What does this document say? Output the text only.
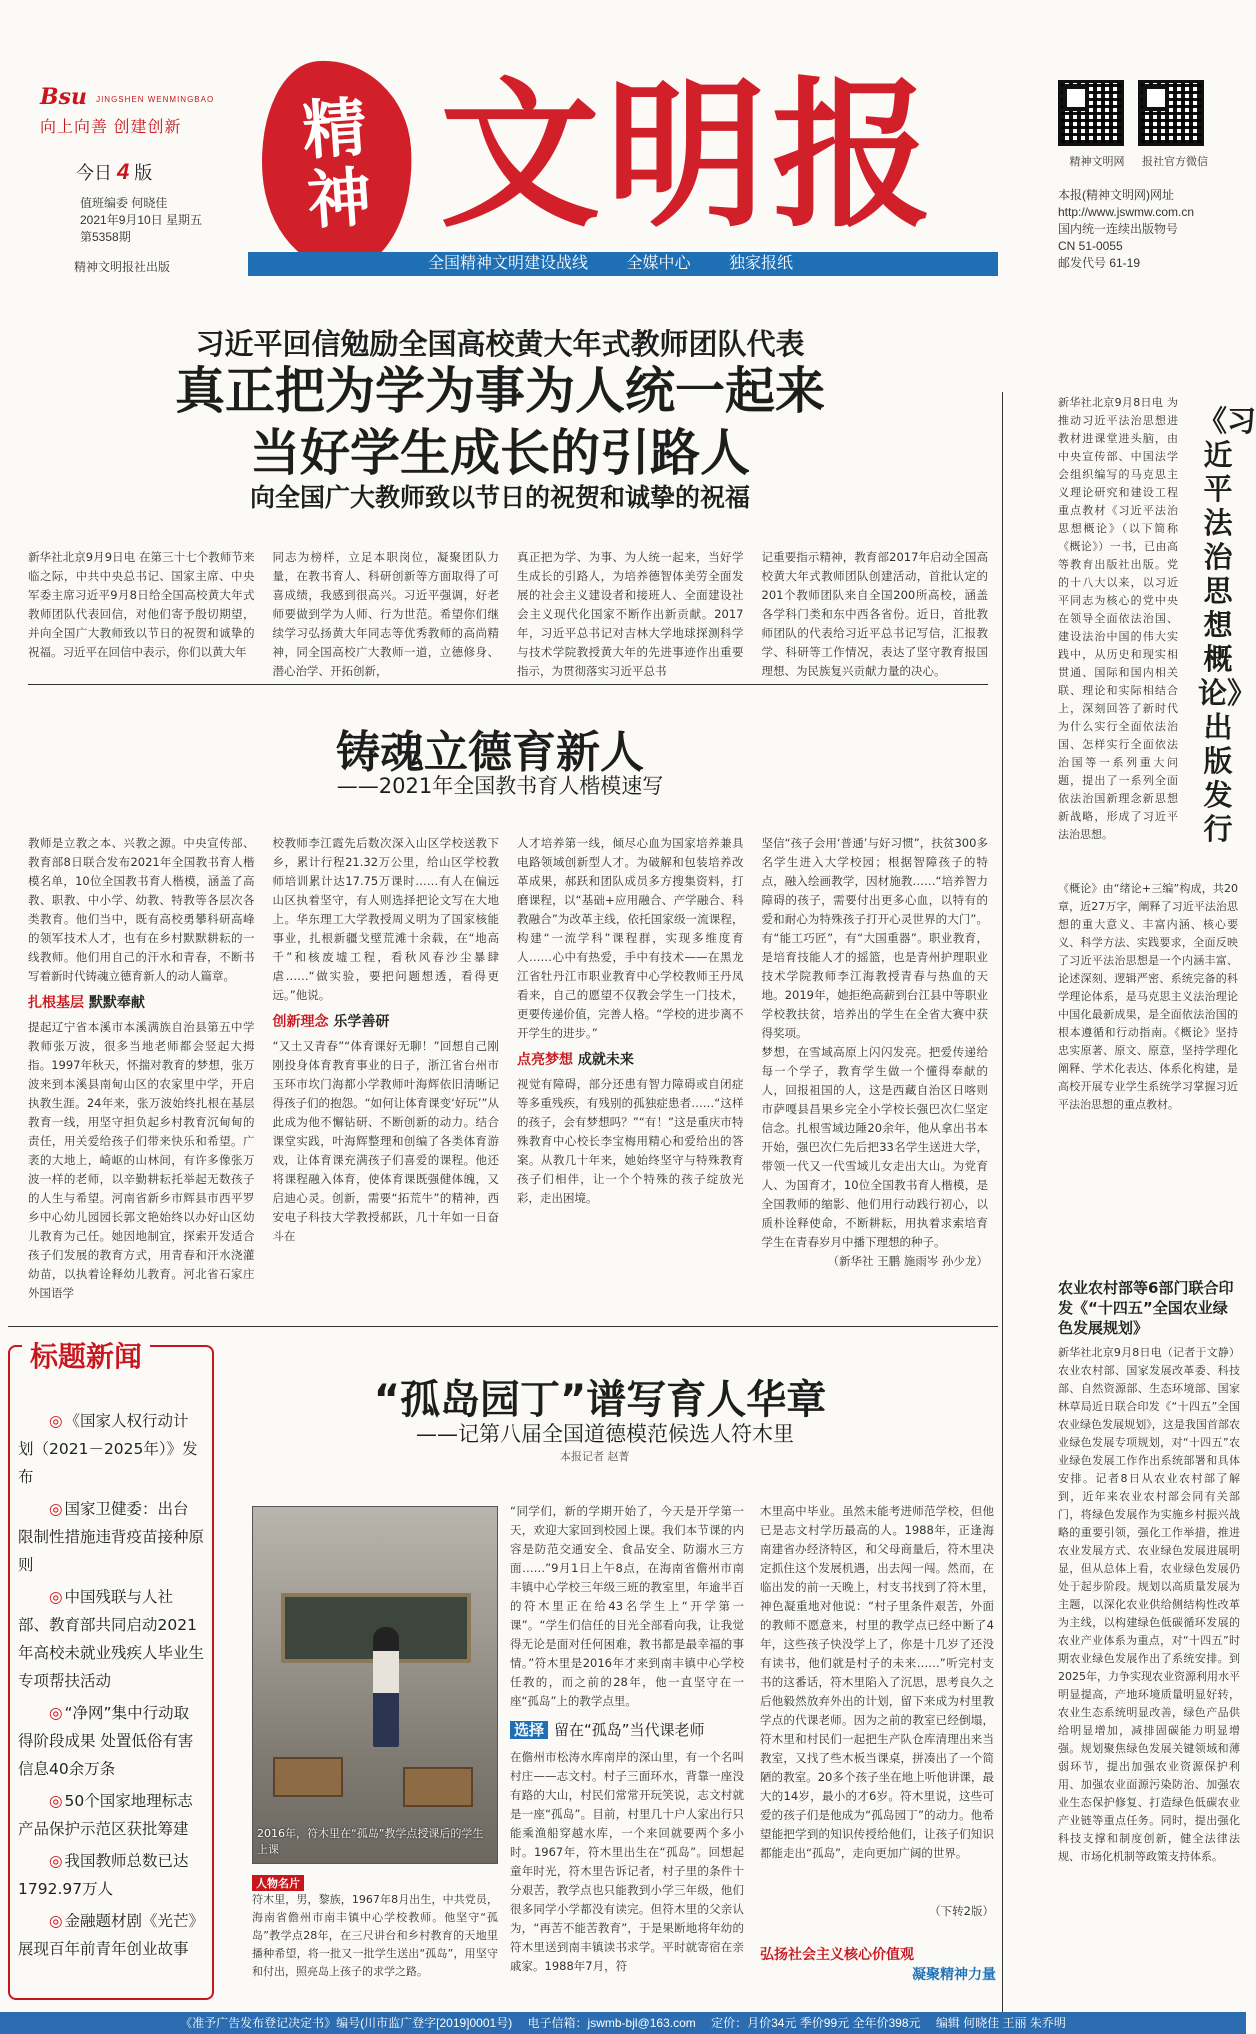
Bsu JINGSHEN WENMINGBAO
向上向善 创建创新
今日 4 版
值班编委 何晓佳
2021年9月10日 星期五
第5358期
精神文明报社出版
精
神 文明报
全国精神文明建设战线 全媒中心 独家报纸
精神文明网 报社官方微信
本报(精神文明网)网址
http://www.jswmw.com.cn
国内统一连续出版物号
CN 51-0055
邮发代号 61-19
习近平回信勉励全国高校黄大年式教师团队代表
真正把为学为事为人统一起来
当好学生成长的引路人
向全国广大教师致以节日的祝贺和诚挚的祝福

新华社北京9月9日电 在第三十七个教师节来临之际，中共中央总书记、国家主席、中央军委主席习近平9月8日给全国高校黄大年式教师团队代表回信，对他们寄予殷切期望，并向全国广大教师致以节日的祝贺和诚挚的祝福。习近平在回信中表示，你们以黄大年

同志为榜样，立足本职岗位，凝聚团队力量，在教书育人、科研创新等方面取得了可喜成绩，我感到很高兴。习近平强调，好老师要做到学为人师、行为世范。希望你们继续学习弘扬黄大年同志等优秀教师的高尚精神，同全国高校广大教师一道，立德修身、潜心治学、开拓创新，

真正把为学、为事、为人统一起来，当好学生成长的引路人，为培养德智体美劳全面发展的社会主义建设者和接班人、全面建设社会主义现代化国家不断作出新贡献。2017年，习近平总书记对吉林大学地球探测科学与技术学院教授黄大年的先进事迹作出重要指示，为贯彻落实习近平总书

记重要指示精神，教育部2017年启动全国高校黄大年式教师团队创建活动，首批认定的201个教师团队来自全国200所高校，涵盖各学科门类和东中西各省份。近日，首批教师团队的代表给习近平总书记写信，汇报教学、科研等工作情况，表达了坚守教育报国理想、为民族复兴贡献力量的决心。

铸魂立德育新人
——2021年全国教书育人楷模速写

教师是立教之本、兴教之源。中央宣传部、教育部8日联合发布2021年全国教书育人楷模名单，10位全国教书育人楷模，涵盖了高教、职教、中小学、幼教、特教等各层次各类教育。他们当中，既有高校勇攀科研高峰的领军技术人才，也有在乡村默默耕耘的一线教师。他们用自己的汗水和青春，不断书写着新时代铸魂立德育新人的动人篇章。

扎根基层 默默奉献

提起辽宁省本溪市本溪满族自治县第五中学教师张万波，很多当地老师都会竖起大拇指。1997年秋天，怀揣对教育的梦想，张万波来到本溪县南甸山区的农家里中学，开启执教生涯。24年来，张万波始终扎根在基层教育一线，用坚守担负起乡村教育沉甸甸的责任，用关爱给孩子们带来快乐和希望。广袤的大地上，崎岖的山林间，有许多像张万波一样的老师，以辛勤耕耘托举起无数孩子的人生与希望。河南省新乡市辉县市西平罗乡中心幼儿园园长郭文艳始终以办好山区幼儿教育为己任。她因地制宜，探索开发适合孩子们发展的教育方式，用青春和汗水浇灌幼苗，以执着诠释幼儿教育。河北省石家庄外国语学

校教师李江霞先后数次深入山区学校送教下乡，累计行程21.32万公里，给山区学校教师培训累计达17.75万课时……有人在偏远山区执着坚守，有人则选择把论文写在大地上。华东理工大学教授周义明为了国家核能事业，扎根新疆戈壁荒滩十余载，在“地高千”和核废墟工程，看秋风春沙尘暴肆虐……“做实验，要把问题想透，看得更远。”他说。

创新理念 乐学善研

“又土又青春”“体育课好无聊！”回想自己刚刚投身体育教育事业的日子，浙江省台州市玉环市坎门海都小学教师叶海辉依旧清晰记得孩子们的抱怨。“如何让体育课变‘好玩’”从此成为他不懈钻研、不断创新的动力。结合课堂实践，叶海辉整理和创编了各类体育游戏，让体育课充满孩子们喜爱的课程。他还将课程融入体育，使体育课既强健体魄，又启迪心灵。创新，需要“拓荒牛”的精神，西安电子科技大学教授郝跃，几十年如一日奋斗在

人才培养第一线，倾尽心血为国家培养兼具电路领域创新型人才。为破解和包装培养改革成果，郝跃和团队成员多方搜集资料，打磨课程，以“基础+应用融合、产学融合、科教融合”为改革主线，依托国家级一流课程，构建“一流学科”课程群，实现多维度育人……心中有热爱，手中有技术——在黑龙江省牡丹江市职业教育中心学校教师王丹凤看来，自己的愿望不仅教会学生一门技术，更要传递价值，完善人格。“学校的进步离不开学生的进步。”

点亮梦想 成就未来

视觉有障碍，部分还患有智力障碍或自闭症等多重残疾，有残别的孤独症患者……“这样的孩子，会有梦想吗？”“有！”这是重庆市特殊教育中心校长李宝梅用精心和爱给出的答案。从教几十年来，她始终坚守与特殊教育孩子们相伴，让一个个特殊的孩子绽放光彩，走出困境。

坚信“孩子会用‘普通’与好习惯”，扶贫300多名学生进入大学校园；根据智障孩子的特点，融入绘画教学，因材施教……“培养智力障碍的孩子，需要付出更多心血，以特有的爱和耐心为特殊孩子打开心灵世界的大门”。有“能工巧匠”，有“大国重器”。职业教育，是培育技能人才的摇篮，也是青州护理职业技术学院教师李江海教授青春与热血的天地。2019年，她拒绝高薪到台江县中等职业学校教扶贫，培养出的学生在全省大赛中获得奖项。

梦想，在雪域高原上闪闪发亮。把爱传递给每一个学子，教育学生做一个懂得奉献的人，回报祖国的人，这是西藏自治区日喀则市萨嘎县昌果乡完全小学校长强巴次仁坚定信念。扎根雪域边陲20余年，他从拿出书本开始，强巴次仁先后把33名学生送进大学，带领一代又一代雪域儿女走出大山。为党育人、为国育才，10位全国教书育人楷模，是全国教师的缩影、他们用行动践行初心，以质朴诠释使命，不断耕耘，用执着求索培育学生在青春岁月中播下理想的种子。

（新华社 王鹏 施雨岑 孙少龙）

《习近平法治思想概论》出版发行

新华社北京9月8日电 为推动习近平法治思想进教材进课堂进头脑，由中央宣传部、中国法学会组织编写的马克思主义理论研究和建设工程重点教材《习近平法治思想概论》（以下简称《概论》）一书，已由高等教育出版社出版。党的十八大以来，以习近平同志为核心的党中央在领导全面依法治国、建设法治中国的伟大实践中，从历史和现实相贯通、国际和国内相关联、理论和实际相结合上，深刻回答了新时代为什么实行全面依法治国、怎样实行全面依法治国等一系列重大问题，提出了一系列全面依法治国新理念新思想新战略，形成了习近平法治思想。

《概论》由“绪论+三编”构成，共20章，近27万字，阐释了习近平法治思想的重大意义、丰富内涵、核心要义、科学方法、实践要求，全面反映了习近平法治思想是一个内涵丰富、论述深刻、逻辑严密、系统完备的科学理论体系，是马克思主义法治理论中国化最新成果，是全面依法治国的根本遵循和行动指南。《概论》坚持忠实原著、原文、原意，坚持学理化阐释、学术化表达、体系化构建，是高校开展专业学生系统学习掌握习近平法治思想的重点教材。

农业农村部等6部门联合印发《“十四五”全国农业绿色发展规划》

新华社北京9月8日电（记者于文静）农业农村部、国家发展改革委、科技部、自然资源部、生态环境部、国家林草局近日联合印发《“十四五”全国农业绿色发展规划》，这是我国首部农业绿色发展专项规划，对“十四五”农业绿色发展工作作出系统部署和具体安排。记者8日从农业农村部了解到，近年来农业农村部会同有关部门，将绿色发展作为实施乡村振兴战略的重要引领，强化工作举措，推进农业发展方式、农业绿色发展进展明显，但从总体上看，农业绿色发展仍处于起步阶段。规划以高质量发展为主题，以深化农业供给侧结构性改革为主线，以构建绿色低碳循环发展的农业产业体系为重点，对“十四五”时期农业绿色发展作出了系统安排。到2025年，力争实现农业资源利用水平明显提高，产地环境质量明显好转，农业生态系统明显改善，绿色产品供给明显增加，减排固碳能力明显增强。规划聚焦绿色发展关键领域和薄弱环节，提出加强农业资源保护利用、加强农业面源污染防治、加强农业生态保护修复、打造绿色低碳农业产业链等重点任务。同时，提出强化科技支撑和制度创新，健全法律法规、市场化机制等政策支持体系。

标题新闻
◎ 《国家人权行动计划（2021－2025年）》发布
◎ 国家卫健委：出台限制性措施违背疫苗接种原则
◎ 中国残联与人社部、教育部共同启动2021年高校未就业残疾人毕业生专项帮扶活动
◎ “净网”集中行动取得阶段成果 处置低俗有害信息40余万条
◎ 50个国家地理标志产品保护示范区获批筹建
◎ 我国教师总数已达1792.97万人
◎ 金融题材剧《光芒》展现百年前青年创业故事
“孤岛园丁”谱写育人华章
——记第八届全国道德模范候选人符木里
本报记者 赵菁
2016年，符木里在“孤岛”教学点授课后的学生上课
人物名片

符木里，男，黎族，1967年8月出生，中共党员，海南省儋州市南丰镇中心学校教师。他坚守“孤岛”教学点28年，在三尺讲台和乡村教育的天地里播种希望，将一批又一批学生送出“孤岛”，用坚守和付出，照亮岛上孩子的求学之路。

“同学们，新的学期开始了，今天是开学第一天，欢迎大家回到校园上课。我们本节课的内容是防范交通安全、食品安全、防溺水三方面……”9月1日上午8点，在海南省儋州市南丰镇中心学校三年级三班的教室里，年逾半百的符木里正在给43名学生上“开学第一课”。“学生们信任的目光全部看向我，让我觉得无论是面对任何困难，教书都是最幸福的事情。”符木里是2016年才来到南丰镇中心学校任教的，而之前的28年，他一直坚守在一座“孤岛”上的教学点里。

选择 留在“孤岛”当代课老师

在儋州市松涛水库南岸的深山里，有一个名叫村庄——志文村。村子三面环水，背靠一座没有路的大山，村民们常常开玩笑说，志文村就是一座“孤岛”。目前，村里几十户人家出行只能乘渔船穿越水库，一个来回就要两个多小时。1967年，符木里出生在“孤岛”。回想起童年时光，符木里告诉记者，村子里的条件十分艰苦，教学点也只能教到小学三年级，他们很多同学小学都没有读完。但符木里的父亲认为，“再苦不能苦教育”，于是果断地将年幼的符木里送到南丰镇读书求学。平时就寄宿在亲戚家。1988年7月，符

木里高中毕业。虽然未能考进师范学校，但他已是志文村学历最高的人。1988年，正逢海南建省办经济特区，和父母商量后，符木里决定抓住这个发展机遇，出去闯一闯。然而，在临出发的前一天晚上，村支书找到了符木里，神色凝重地对他说：“村子里条件艰苦，外面的教师不愿意来，村里的教学点已经中断了4年，这些孩子快没学上了，你是十几岁了还没有读书，他们就是村子的未来……”听完村支书的这番话，符木里陷入了沉思，思考良久之后他毅然放弃外出的计划，留下来成为村里教学点的代课老师。因为之前的教室已经倒塌，符木里和村民们一起把生产队仓库清理出来当教室，又找了些木板当课桌，拼凑出了一个简陋的教室。20多个孩子坐在地上听他讲课，最大的14岁，最小的才6岁。符木里说，这些可爱的孩子们是他成为“孤岛园丁”的动力。他希望能把学到的知识传授给他们，让孩子们知识都能走出“孤岛”，走向更加广阔的世界。

（下转2版）

弘扬社会主义核心价值观
凝聚精神力量
《准予广告发布登记决定书》编号(川市监广登字[2019]0001号) 电子信箱：jswmb-bjl@163.com 定价：月价34元 季价99元 全年价398元 编辑 何晓佳 王丽 朱乔明
